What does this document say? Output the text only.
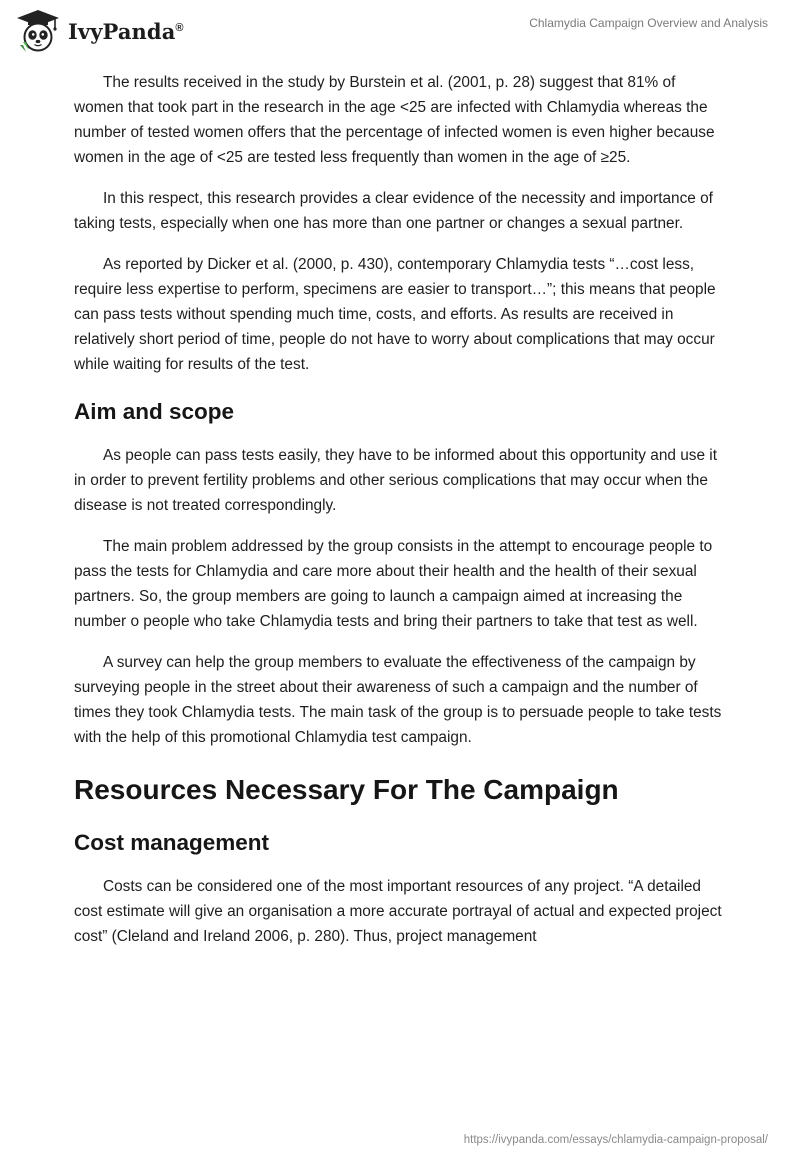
IvyPanda®	Chlamydia Campaign Overview and Analysis

The results received in the study by Burstein et al. (2001, p. 28) suggest that 81% of women that took part in the research in the age <25 are infected with Chlamydia whereas the number of tested women offers that the percentage of infected women is even higher because women in the age of <25 are tested less frequently than women in the age of ≥25.

In this respect, this research provides a clear evidence of the necessity and importance of taking tests, especially when one has more than one partner or changes a sexual partner.

As reported by Dicker et al. (2000, p. 430), contemporary Chlamydia tests “…cost less, require less expertise to perform, specimens are easier to transport…”; this means that people can pass tests without spending much time, costs, and efforts. As results are received in relatively short period of time, people do not have to worry about complications that may occur while waiting for results of the test.

Aim and scope

As people can pass tests easily, they have to be informed about this opportunity and use it in order to prevent fertility problems and other serious complications that may occur when the disease is not treated correspondingly.

The main problem addressed by the group consists in the attempt to encourage people to pass the tests for Chlamydia and care more about their health and the health of their sexual partners. So, the group members are going to launch a campaign aimed at increasing the number o people who take Chlamydia tests and bring their partners to take that test as well.

A survey can help the group members to evaluate the effectiveness of the campaign by surveying people in the street about their awareness of such a campaign and the number of times they took Chlamydia tests. The main task of the group is to persuade people to take tests with the help of this promotional Chlamydia test campaign.

Resources Necessary For The Campaign
Cost management

Costs can be considered one of the most important resources of any project. “A detailed cost estimate will give an organisation a more accurate portrayal of actual and expected project cost” (Cleland and Ireland 2006, p. 280). Thus, project management

https://ivypanda.com/essays/chlamydia-campaign-proposal/
